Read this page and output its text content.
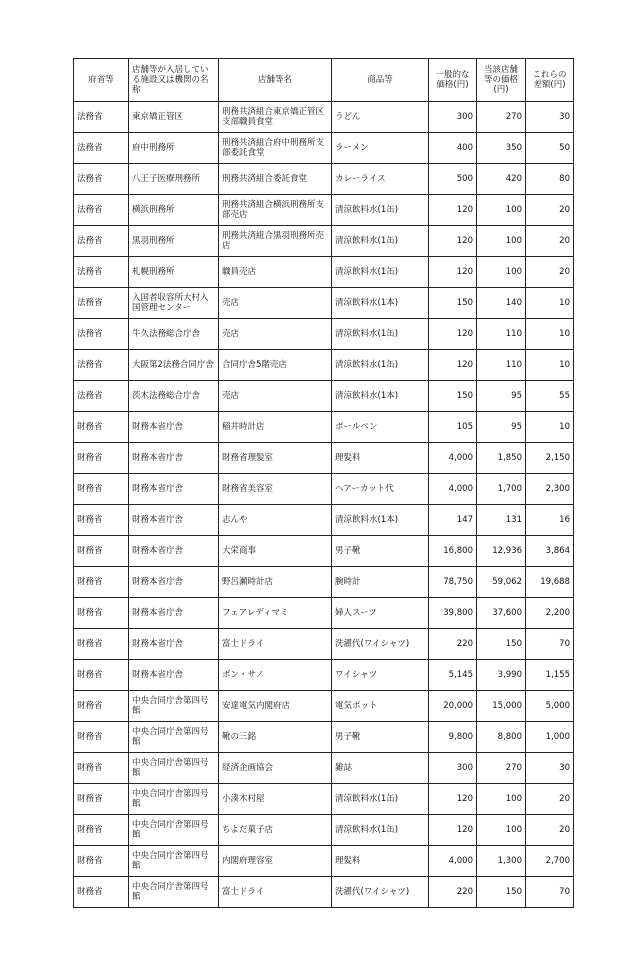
府省等	店舗等が入居している施設又は機関の名称	店舗等名	商品等	一般的な価格(円)	当該店舗等の価格(円)	これらの差額(円)
法務省	東京矯正管区	刑務共済組合東京矯正管区支部職員食堂	うどん	300	270	30
法務省	府中刑務所	刑務共済組合府中刑務所支部委託食堂	ラーメン	400	350	50
法務省	八王子医療刑務所	刑務共済組合委託食堂	カレーライス	500	420	80
法務省	横浜刑務所	刑務共済組合横浜刑務所支部売店	清涼飲料水(1缶)	120	100	20
法務省	黒羽刑務所	刑務共済組合黒羽刑務所売店	清涼飲料水(1缶)	120	100	20
法務省	札幌刑務所	職員売店	清涼飲料水(1缶)	120	100	20
法務省	入国者収容所大村入国管理センター	売店	清涼飲料水(1本)	150	140	10
法務省	牛久法務総合庁舎	売店	清涼飲料水(1缶)	120	110	10
法務省	大阪第2法務合同庁舎	合同庁舎5階売店	清涼飲料水(1缶)	120	110	10
法務省	茨木法務総合庁舎	売店	清涼飲料水(1本)	150	95	55
財務省	財務本省庁舎	稲井時計店	ボールペン	105	95	10
財務省	財務本省庁舎	財務省理髪室	理髪料	4,000	1,850	2,150
財務省	財務本省庁舎	財務省美容室	ヘアーカット代	4,000	1,700	2,300
財務省	財務本省庁舎	志んや	清涼飲料水(1本)	147	131	16
財務省	財務本省庁舎	大栄商事	男子靴	16,800	12,936	3,864
財務省	財務本省庁舎	野呂瀬時計店	腕時計	78,750	59,062	19,688
財務省	財務本省庁舎	フェアレディマミ	婦人スーツ	39,800	37,600	2,200
財務省	財務本省庁舎	富士ドライ	洗濯代(ワイシャツ)	220	150	70
財務省	財務本省庁舎	ボン・サノ	ワイシャツ	5,145	3,990	1,155
財務省	中央合同庁舎第四号館	安達電気内閣府店	電気ポット	20,000	15,000	5,000
財務省	中央合同庁舎第四号館	靴の三銘	男子靴	9,800	8,800	1,000
財務省	中央合同庁舎第四号館	経済企画協会	雑誌	300	270	30
財務省	中央合同庁舎第四号館	小湊木村屋	清涼飲料水(1缶)	120	100	20
財務省	中央合同庁舎第四号館	ちよだ菓子店	清涼飲料水(1缶)	120	100	20
財務省	中央合同庁舎第四号館	内閣府理容室	理髪料	4,000	1,300	2,700
財務省	中央合同庁舎第四号館	富士ドライ	洗濯代(ワイシャツ)	220	150	70
